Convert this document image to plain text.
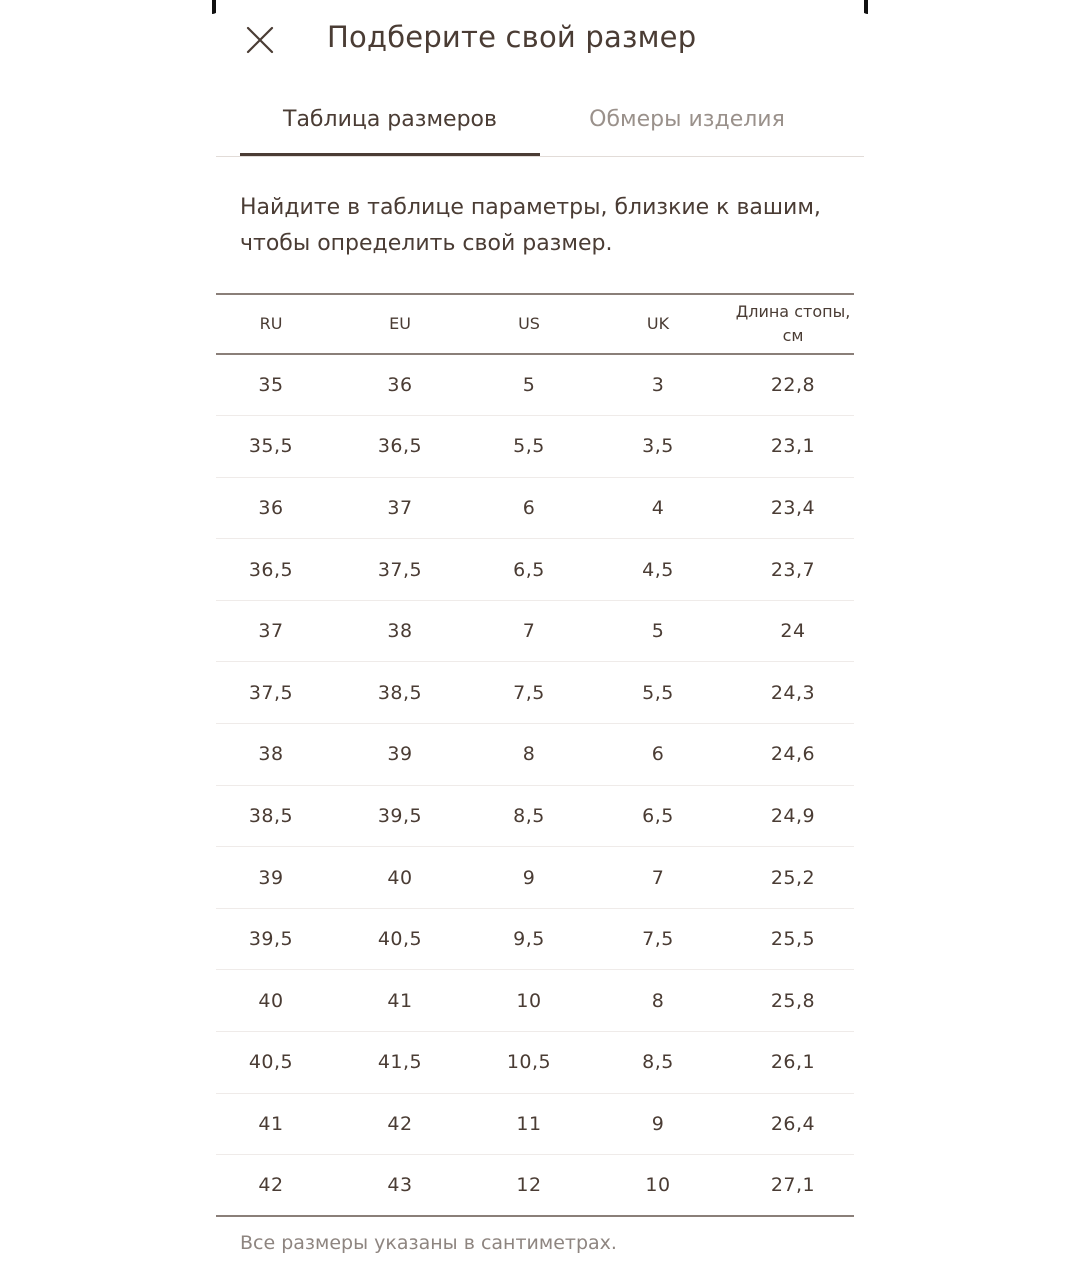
Подберите свой размер
Таблица размеров	Обмеры изделия
Найдите в таблице параметры, близкие к вашим,
чтобы определить свой размер.
RU	EU	US	UK	Длина стопы,
см

35	36	5	3	22,8
35,5	36,5	5,5	3,5	23,1
36	37	6	4	23,4
36,5	37,5	6,5	4,5	23,7
37	38	7	5	24
37,5	38,5	7,5	5,5	24,3
38	39	8	6	24,6
38,5	39,5	8,5	6,5	24,9
39	40	9	7	25,2
39,5	40,5	9,5	7,5	25,5
40	41	10	8	25,8
40,5	41,5	10,5	8,5	26,1
41	42	11	9	26,4
42	43	12	10	27,1
Все размеры указаны в сантиметрах.
